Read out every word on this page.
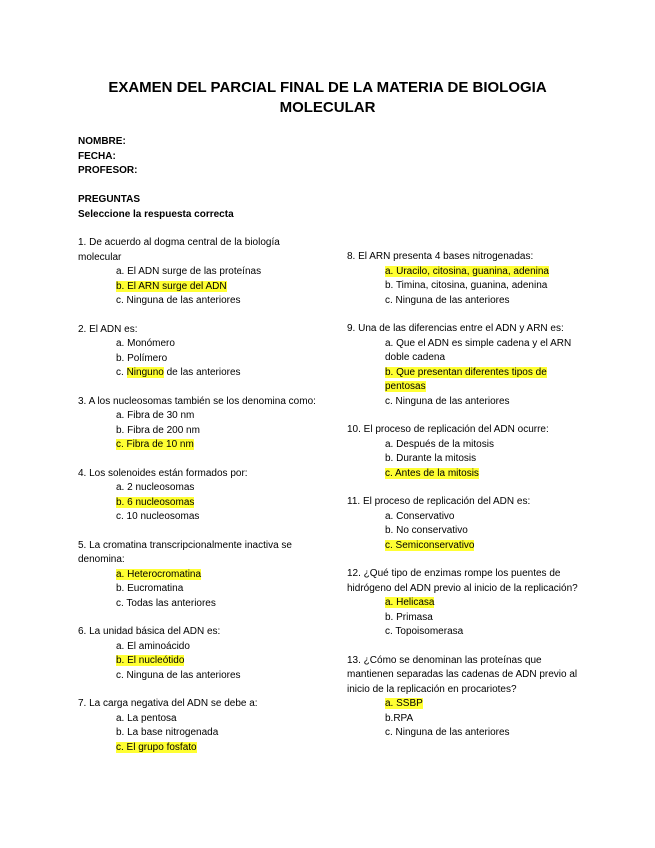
EXAMEN DEL PARCIAL FINAL DE LA MATERIA DE BIOLOGIA
MOLECULAR
NOMBRE:
FECHA:
PROFESOR:
PREGUNTAS
Seleccione la respuesta correcta
1. De acuerdo al dogma central de la biología molecular
a. El ADN surge de las proteínas
b. El ARN surge del ADN
c. Ninguna de las anteriores
2. El ADN es:
a. Monómero
b. Polímero
c. Ninguno de las anteriores
3. A los nucleosomas también se los denomina como:
a. Fibra de 30 nm
b. Fibra de 200 nm
c. Fibra de 10 nm
4. Los solenoides están formados por:
a. 2 nucleosomas
b. 6 nucleosomas
c. 10 nucleosomas
5. La cromatina transcripcionalmente inactiva se denomina:
a. Heterocromatina
b. Eucromatina
c. Todas las anteriores
6. La unidad básica del ADN es:
a. El aminoácido
b. El nucleótido
c. Ninguna de las anteriores
7. La carga negativa del ADN se debe a:
a. La pentosa
b. La base nitrogenada
c. El grupo fosfato
8. El ARN presenta 4 bases nitrogenadas:
a. Uracilo, citosina, guanina, adenina
b. Timina, citosina, guanina, adenina
c. Ninguna de las anteriores
9. Una de las diferencias entre el ADN y ARN es:
a. Que el ADN es simple cadena y el ARN doble cadena
b. Que presentan diferentes tipos de pentosas
c. Ninguna de las anteriores
10. El proceso de replicación del ADN ocurre:
a. Después de la mitosis
b. Durante la mitosis
c. Antes de la mitosis
11. El proceso de replicación del ADN es:
a. Conservativo
b. No conservativo
c. Semiconservativo
12. ¿Qué tipo de enzimas rompe los puentes de hidrógeno del ADN previo al inicio de la replicación?
a. Helicasa
b. Primasa
c. Topoisomerasa
13. ¿Cómo se denominan las proteínas que mantienen separadas las cadenas de ADN previo al inicio de la replicación en procariotes?
a. SSBP
b.RPA
c. Ninguna de las anteriores
